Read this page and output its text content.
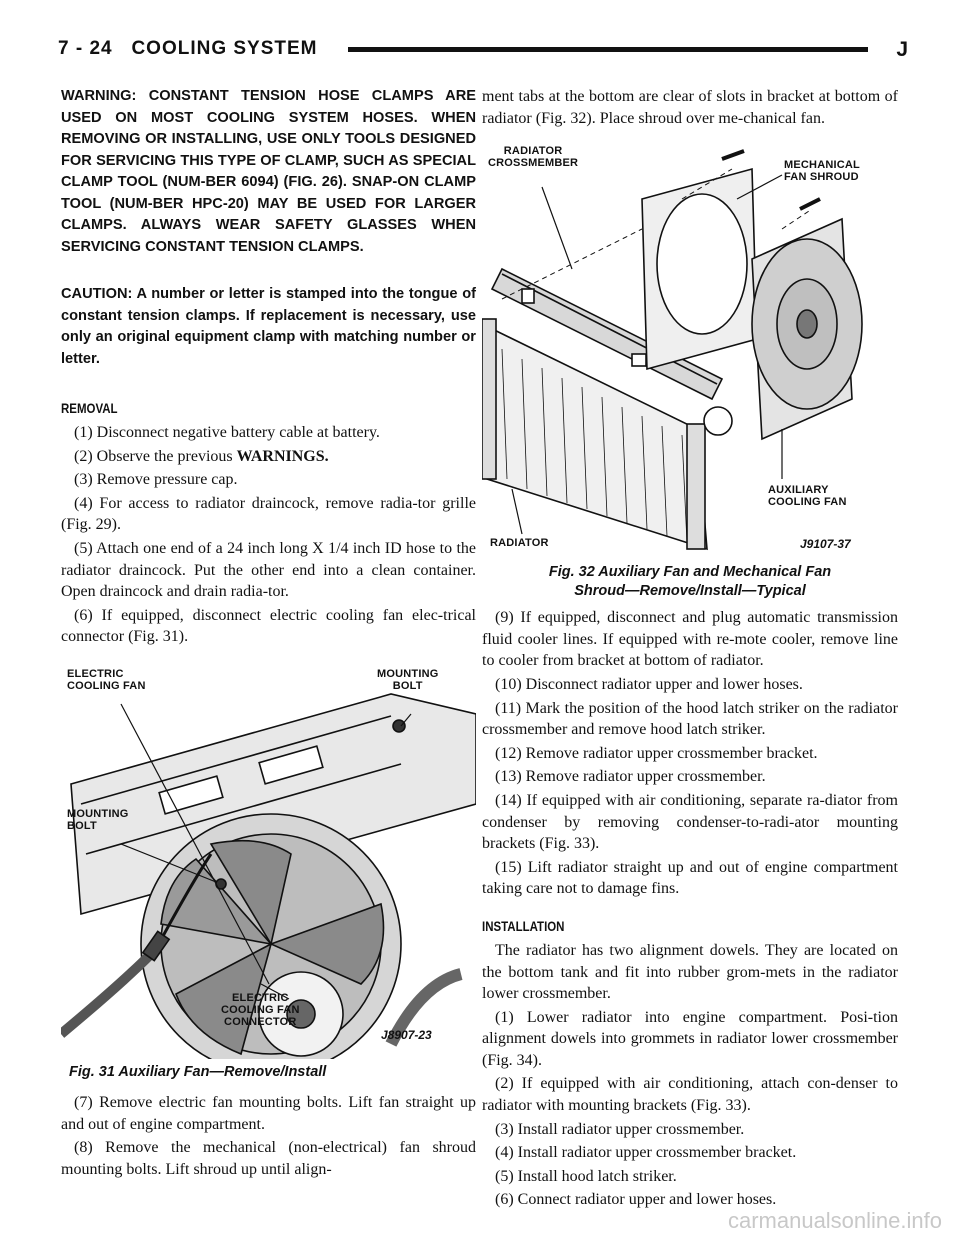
7 - 24 COOLING SYSTEM	J

WARNING: CONSTANT TENSION HOSE CLAMPS ARE USED ON MOST COOLING SYSTEM HOSES. WHEN REMOVING OR INSTALLING, USE ONLY TOOLS DESIGNED FOR SERVICING THIS TYPE OF CLAMP, SUCH AS SPECIAL CLAMP TOOL (NUM-BER 6094) (FIG. 26). SNAP-ON CLAMP TOOL (NUM-BER HPC-20) MAY BE USED FOR LARGER CLAMPS. ALWAYS WEAR SAFETY GLASSES WHEN SERVICING CONSTANT TENSION CLAMPS.

CAUTION: A number or letter is stamped into the tongue of constant tension clamps. If replacement is necessary, use only an original equipment clamp with matching number or letter.

REMOVAL

(1) Disconnect negative battery cable at battery.

(2) Observe the previous WARNINGS.

(3) Remove pressure cap.

(4) For access to radiator draincock, remove radia-tor grille (Fig. 29).

(5) Attach one end of a 24 inch long X 1/4 inch ID hose to the radiator draincock. Put the other end into a clean container. Open draincock and drain radia-tor.

(6) If equipped, disconnect electric cooling fan elec-trical connector (Fig. 31).

ELECTRIC
COOLING FAN
MOUNTING
BOLT
MOUNTING
BOLT
ELECTRIC
COOLING FAN
CONNECTOR
J8907-23

Fig. 31 Auxiliary Fan—Remove/Install

(7) Remove electric fan mounting bolts. Lift fan straight up and out of engine compartment.

(8) Remove the mechanical (non-electrical) fan shroud mounting bolts. Lift shroud up until align-

ment tabs at the bottom are clear of slots in bracket at bottom of radiator (Fig. 32). Place shroud over me-chanical fan.

RADIATOR
CROSSMEMBER	MECHANICAL
FAN SHROUD
AUXILIARY
COOLING FAN
RADIATOR	J9107-37

Fig. 32 Auxiliary Fan and Mechanical Fan

Shroud—Remove/Install—Typical

(9) If equipped, disconnect and plug automatic transmission fluid cooler lines. If equipped with re-mote cooler, remove line to cooler from bracket at bottom of radiator.

(10) Disconnect radiator upper and lower hoses.

(11) Mark the position of the hood latch striker on the radiator crossmember and remove hood latch striker.

(12) Remove radiator upper crossmember bracket.

(13) Remove radiator upper crossmember.

(14) If equipped with air conditioning, separate ra-diator from condenser by removing condenser-to-radi-ator mounting brackets (Fig. 33).

(15) Lift radiator straight up and out of engine compartment taking care not to damage fins.

INSTALLATION

The radiator has two alignment dowels. They are located on the bottom tank and fit into rubber grom-mets in the radiator lower crossmember.

(1) Lower radiator into engine compartment. Posi-tion alignment dowels into grommets in radiator lower crossmember (Fig. 34).

(2) If equipped with air conditioning, attach con-denser to radiator with mounting brackets (Fig. 33).

(3) Install radiator upper crossmember.

(4) Install radiator upper crossmember bracket.

(5) Install hood latch striker.

(6) Connect radiator upper and lower hoses.

carmanualsonline.info
